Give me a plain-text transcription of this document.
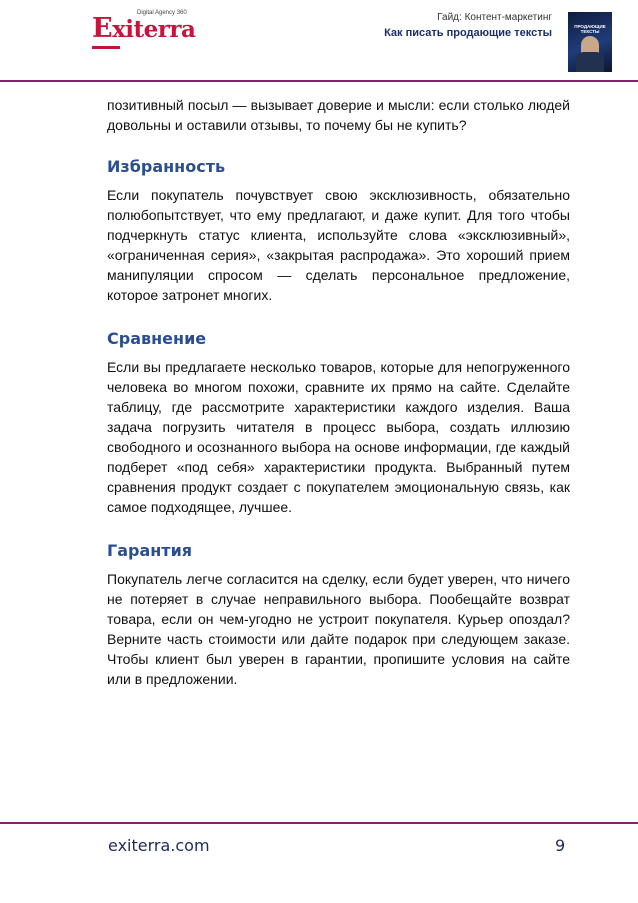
Exiterra
Digital Agency 360	Гайд: Контент-маркетинг
Как писать продающие тексты
ПРОДАЮЩИЕ ТЕКСТЫ

позитивный посыл — вызывает доверие и мысли: если столько людей довольны и оставили отзывы, то почему бы не купить?

Избранность

Если покупатель почувствует свою эксклюзивность, обязательно полюбопытствует, что ему предлагают, и даже купит. Для того чтобы подчеркнуть статус клиента, используйте слова «эксклюзивный», «ограниченная серия», «закрытая распродажа». Это хороший прием манипуляции спросом — сделать персональное предложение, которое затронет многих.

Сравнение

Если вы предлагаете несколько товаров, которые для непогруженного человека во многом похожи, сравните их прямо на сайте. Сделайте таблицу, где рассмотрите характеристики каждого изделия. Ваша задача погрузить читателя в процесс выбора, создать иллюзию свободного и осознанного выбора на основе информации, где каждый подберет «под себя» характеристики продукта. Выбранный путем сравнения продукт создает с покупателем эмоциональную связь, как самое подходящее, лучшее.

Гарантия

Покупатель легче согласится на сделку, если будет уверен, что ничего не потеряет в случае неправильного выбора. Пообещайте возврат товара, если он чем-угодно не устроит покупателя. Курьер опоздал? Верните часть стоимости или дайте подарок при следующем заказе. Чтобы клиент был уверен в гарантии, пропишите условия на сайте или в предложении.

exiterra.com	9
